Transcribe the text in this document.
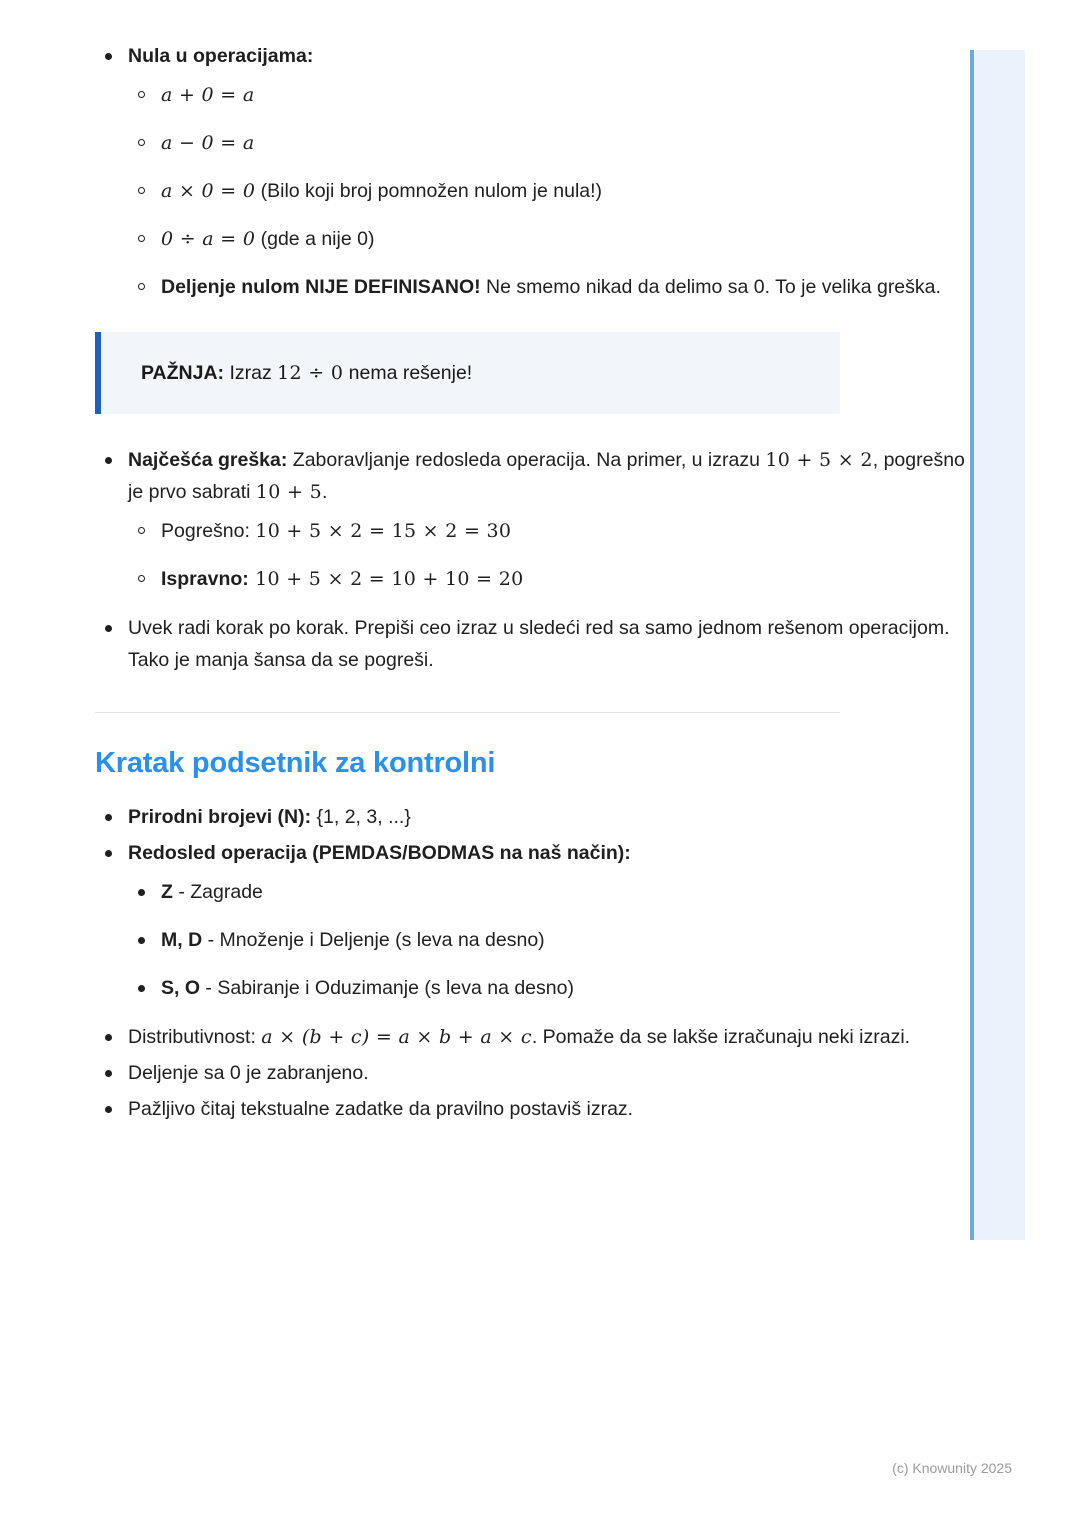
Nula u operacijama:
a + 0 = a
a − 0 = a
a × 0 = 0 (Bilo koji broj pomnožen nulom je nula!)
0 ÷ a = 0 (gde a nije 0)
Deljenje nulom NIJE DEFINISANO! Ne smemo nikad da delimo sa 0. To je velika greška.
PAŽNJA: Izraz 12 ÷ 0 nema rešenje!
Najčešća greška: Zaboravljanje redosleda operacija. Na primer, u izrazu 10 + 5 × 2, pogrešno je prvo sabrati 10 + 5.
Pogrešno: 10 + 5 × 2 = 15 × 2 = 30
Ispravno: 10 + 5 × 2 = 10 + 10 = 20
Uvek radi korak po korak. Prepiši ceo izraz u sledeći red sa samo jednom rešenom operacijom. Tako je manja šansa da se pogreši.
Kratak podsetnik za kontrolni
Prirodni brojevi (N): {1, 2, 3, ...}
Redosled operacija (PEMDAS/BODMAS na naš način):
Z - Zagrade
M, D - Množenje i Deljenje (s leva na desno)
S, O - Sabiranje i Oduzimanje (s leva na desno)
Distributivnost: a × (b + c) = a × b + a × c. Pomaže da se lakše izračunaju neki izrazi.
Deljenje sa 0 je zabranjeno.
Pažljivo čitaj tekstualne zadatke da pravilno postaviš izraz.
(c) Knowunity 2025
